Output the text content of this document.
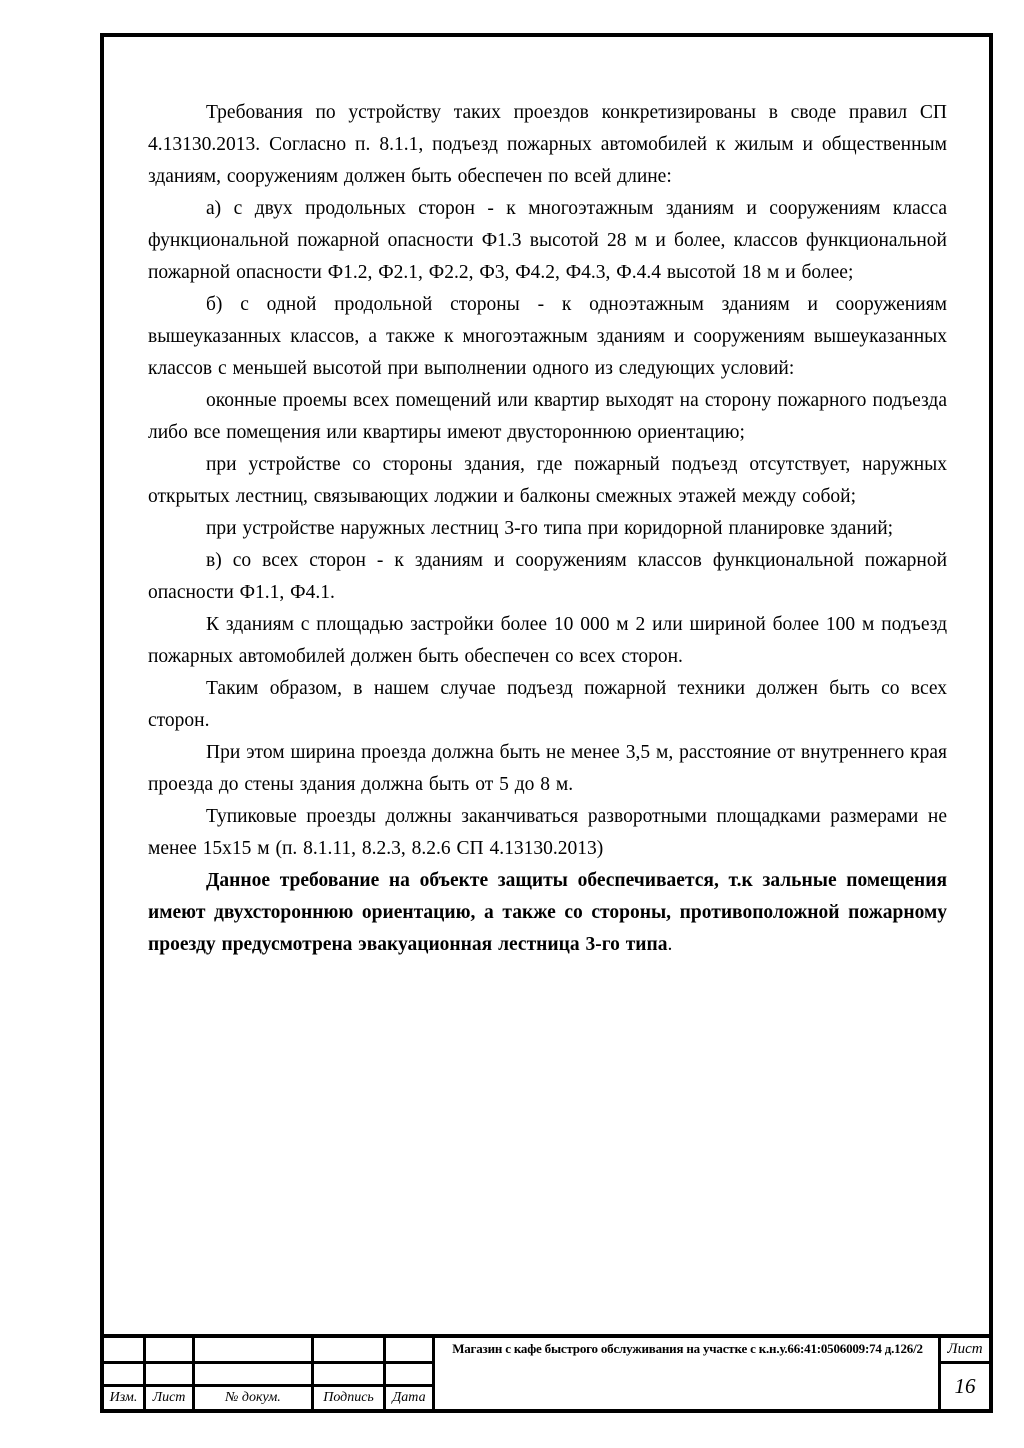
Требования по устройству таких проездов конкретизированы в своде правил СП 4.13130.2013. Согласно п. 8.1.1, подъезд пожарных автомобилей к жилым и общественным зданиям, сооружениям должен быть обеспечен по всей длине:

а) с двух продольных сторон - к многоэтажным зданиям и сооружениям класса функциональной пожарной опасности Ф1.3 высотой 28 м и более, классов функциональной пожарной опасности Ф1.2, Ф2.1, Ф2.2, Ф3, Ф4.2, Ф4.3, Ф.4.4 высотой 18 м и более;

б) с одной продольной стороны - к одноэтажным зданиям и сооружениям вышеуказанных классов, а также к многоэтажным зданиям и сооружениям вышеуказанных классов с меньшей высотой при выполнении одного из следующих условий:

оконные проемы всех помещений или квартир выходят на сторону пожарного подъезда либо все помещения или квартиры имеют двустороннюю ориентацию;

при устройстве со стороны здания, где пожарный подъезд отсутствует, наружных открытых лестниц, связывающих лоджии и балконы смежных этажей между собой;

при устройстве наружных лестниц 3-го типа при коридорной планировке зданий;

в) со всех сторон - к зданиям и сооружениям классов функциональной пожарной опасности Ф1.1, Ф4.1.

К зданиям с площадью застройки более 10 000 м 2 или шириной более 100 м подъезд пожарных автомобилей должен быть обеспечен со всех сторон.

Таким образом, в нашем случае подъезд пожарной техники должен быть со всех сторон.

При этом ширина проезда должна быть не менее 3,5 м, расстояние от внутреннего края проезда до стены здания должна быть от 5 до 8 м.

Тупиковые проезды должны заканчиваться разворотными площадками размерами не менее 15х15 м (п. 8.1.11, 8.2.3, 8.2.6 СП 4.13130.2013)

Данное требование на объекте защиты обеспечивается, т.к зальные помещения имеют двухстороннюю ориентацию, а также со стороны, противоположной пожарному проезду предусмотрена эвакуационная лестница 3-го типа.

Изм.	Лист	№ докум.	Подпись	Дата
Магазин с кафе быстрого обслуживания на участке с к.н.у.66:41:0506009:74 д.126/2	Лист
16
